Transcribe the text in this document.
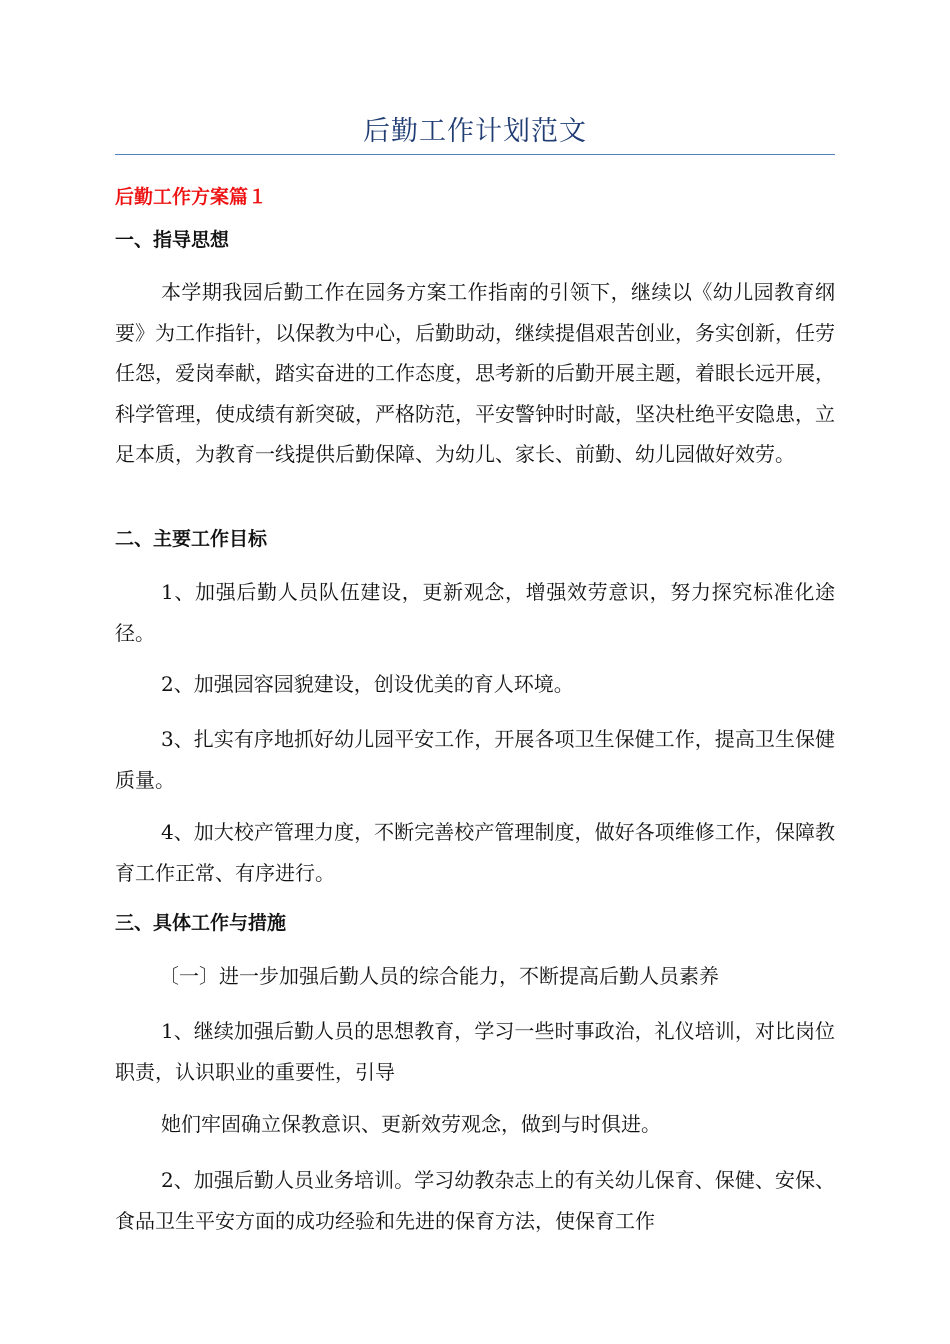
后勤工作计划范文
后勤工作方案篇１
一、指导思想
本学期我园后勤工作在园务方案工作指南的引领下，继续以《幼儿园教育纲要》为工作指针，以保教为中心，后勤助动，继续提倡艰苦创业，务实创新，任劳任怨，爱岗奉献，踏实奋进的工作态度，思考新的后勤开展主题，着眼长远开展，科学管理，使成绩有新突破，严格防范，平安警钟时时敲，坚决杜绝平安隐患，立足本质，为教育一线提供后勤保障、为幼儿、家长、前勤、幼儿园做好效劳。
二、主要工作目标
1、加强后勤人员队伍建设，更新观念，增强效劳意识，努力探究标准化途径。
2、加强园容园貌建设，创设优美的育人环境。
3、扎实有序地抓好幼儿园平安工作，开展各项卫生保健工作，提高卫生保健质量。
4、加大校产管理力度，不断完善校产管理制度，做好各项维修工作，保障教育工作正常、有序进行。
三、具体工作与措施
〔一〕进一步加强后勤人员的综合能力，不断提高后勤人员素养
1、继续加强后勤人员的思想教育，学习一些时事政治，礼仪培训，对比岗位职责，认识职业的重要性，引导
她们牢固确立保教意识、更新效劳观念，做到与时俱进。
2、加强后勤人员业务培训。学习幼教杂志上的有关幼儿保育、保健、安保、食品卫生平安方面的成功经验和先进的保育方法，使保育工作
